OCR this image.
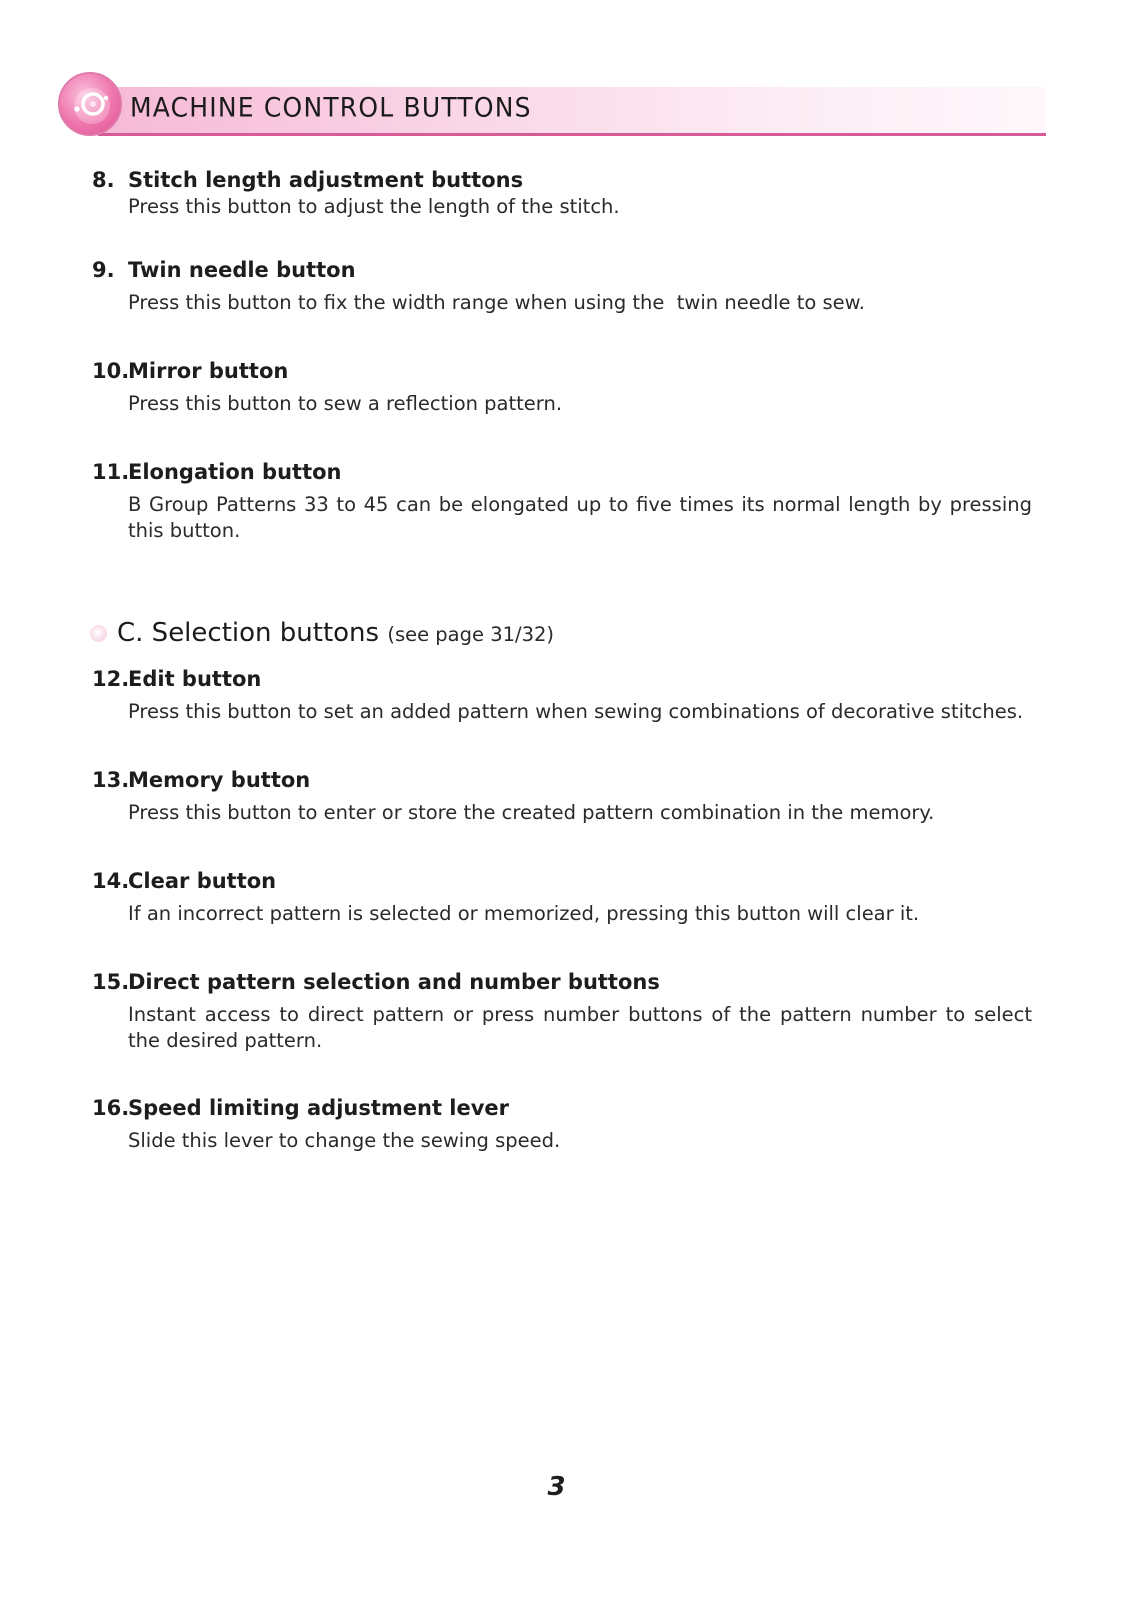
MACHINE CONTROL BUTTONS
8. Stitch length adjustment buttons
Press this button to adjust the length of the stitch.
9. Twin needle button
Press this button to fix the width range when using the  twin needle to sew.
10.Mirror button
Press this button to sew a reflection pattern.
11.Elongation button
B Group Patterns 33 to 45 can be elongated up to five times its normal length by pressing this button.
C. Selection buttons (see page 31/32)
12.Edit button
Press this button to set an added pattern when sewing combinations of decorative stitches.
13.Memory button
Press this button to enter or store the created pattern combination in the memory.
14.Clear button
If an incorrect pattern is selected or memorized, pressing this button will clear it.
15.Direct pattern selection and number buttons
Instant access to direct pattern or press number buttons of the pattern number to select the desired pattern.
16.Speed limiting adjustment lever
Slide this lever to change the sewing speed.
3
